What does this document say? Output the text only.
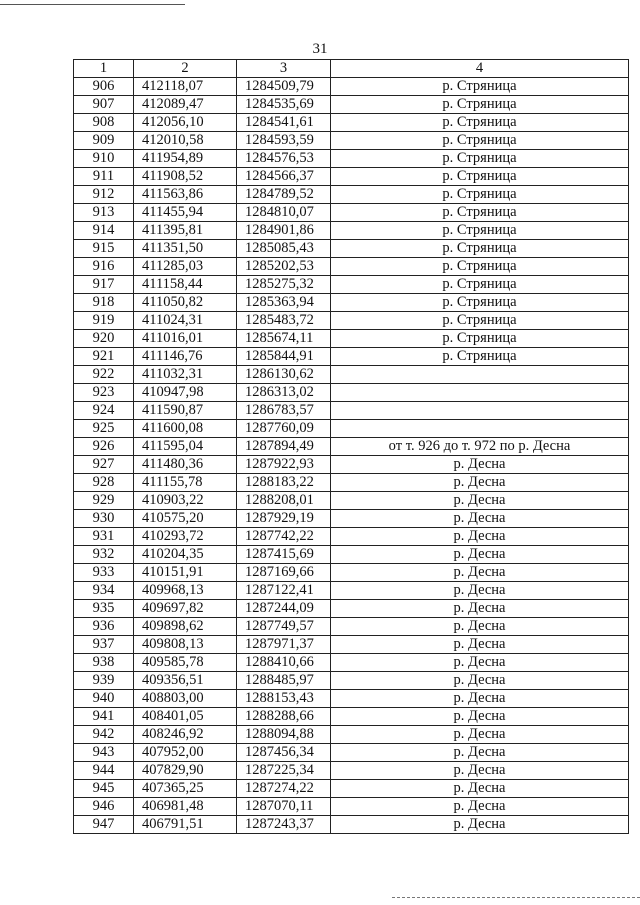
31
1	2	3	4
906	412118,07	1284509,79	р. Стряница
907	412089,47	1284535,69	р. Стряница
908	412056,10	1284541,61	р. Стряница
909	412010,58	1284593,59	р. Стряница
910	411954,89	1284576,53	р. Стряница
911	411908,52	1284566,37	р. Стряница
912	411563,86	1284789,52	р. Стряница
913	411455,94	1284810,07	р. Стряница
914	411395,81	1284901,86	р. Стряница
915	411351,50	1285085,43	р. Стряница
916	411285,03	1285202,53	р. Стряница
917	411158,44	1285275,32	р. Стряница
918	411050,82	1285363,94	р. Стряница
919	411024,31	1285483,72	р. Стряница
920	411016,01	1285674,11	р. Стряница
921	411146,76	1285844,91	р. Стряница
922	411032,31	1286130,62	
923	410947,98	1286313,02	
924	411590,87	1286783,57	
925	411600,08	1287760,09	
926	411595,04	1287894,49	от т. 926 до т. 972 по р. Десна
927	411480,36	1287922,93	р. Десна
928	411155,78	1288183,22	р. Десна
929	410903,22	1288208,01	р. Десна
930	410575,20	1287929,19	р. Десна
931	410293,72	1287742,22	р. Десна
932	410204,35	1287415,69	р. Десна
933	410151,91	1287169,66	р. Десна
934	409968,13	1287122,41	р. Десна
935	409697,82	1287244,09	р. Десна
936	409898,62	1287749,57	р. Десна
937	409808,13	1287971,37	р. Десна
938	409585,78	1288410,66	р. Десна
939	409356,51	1288485,97	р. Десна
940	408803,00	1288153,43	р. Десна
941	408401,05	1288288,66	р. Десна
942	408246,92	1288094,88	р. Десна
943	407952,00	1287456,34	р. Десна
944	407829,90	1287225,34	р. Десна
945	407365,25	1287274,22	р. Десна
946	406981,48	1287070,11	р. Десна
947	406791,51	1287243,37	р. Десна
